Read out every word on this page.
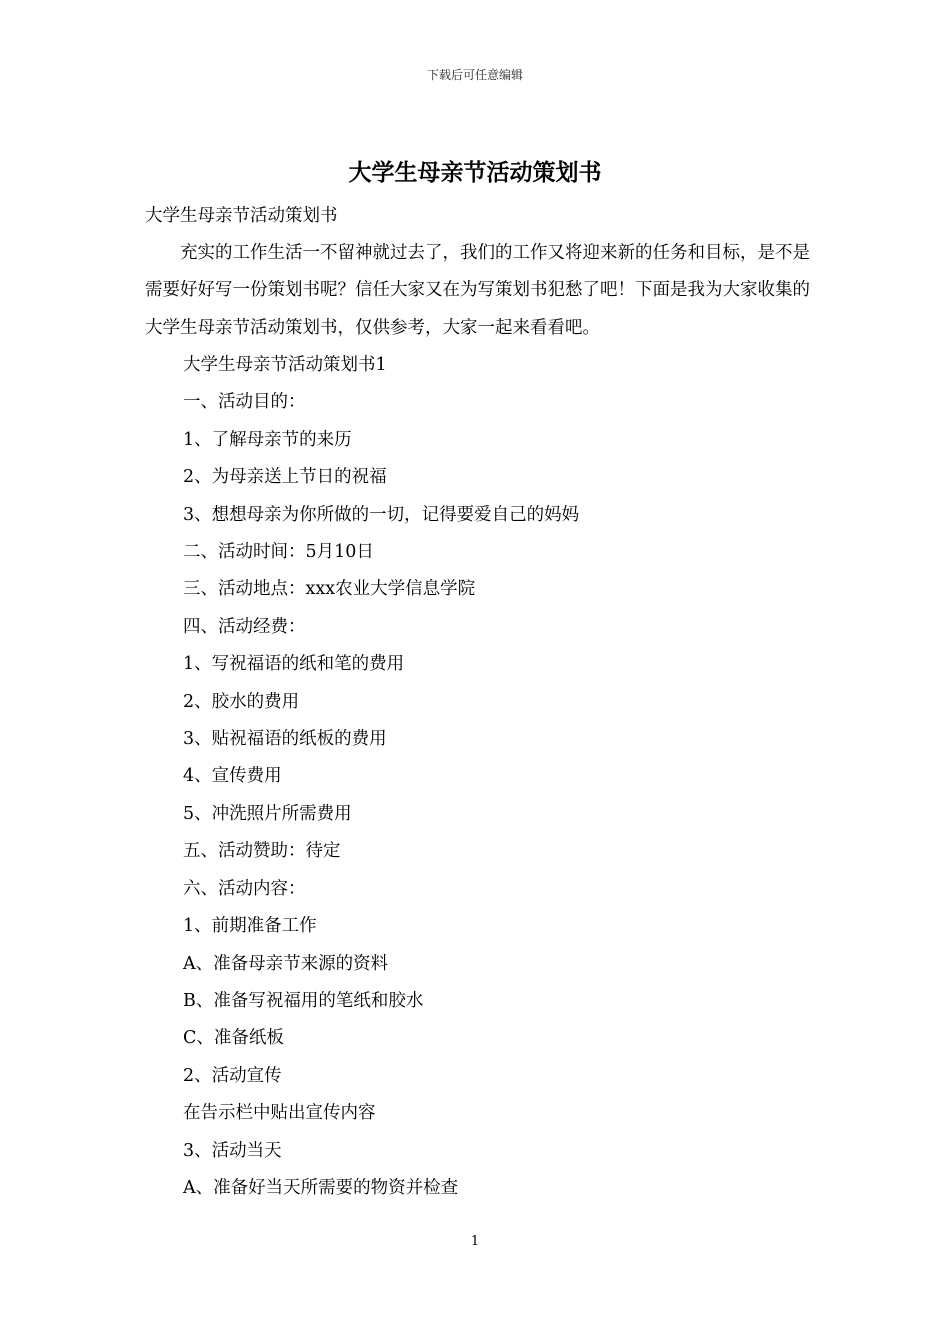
下载后可任意编辑
大学生母亲节活动策划书
大学生母亲节活动策划书
充实的工作生活一不留神就过去了，我们的工作又将迎来新的任务和目标，是不是需要好好写一份策划书呢？信任大家又在为写策划书犯愁了吧！下面是我为大家收集的大学生母亲节活动策划书，仅供参考，大家一起来看看吧。
大学生母亲节活动策划书1
一、活动目的：
1、了解母亲节的来历
2、为母亲送上节日的祝福
3、想想母亲为你所做的一切，记得要爱自己的妈妈
二、活动时间：5月10日
三、活动地点：xxx农业大学信息学院
四、活动经费：
1、写祝福语的纸和笔的费用
2、胶水的费用
3、贴祝福语的纸板的费用
4、宣传费用
5、冲洗照片所需费用
五、活动赞助：待定
六、活动内容：
1、前期准备工作
A、准备母亲节来源的资料
B、准备写祝福用的笔纸和胶水
C、准备纸板
2、活动宣传
在告示栏中贴出宣传内容
3、活动当天
A、准备好当天所需要的物资并检查
1
